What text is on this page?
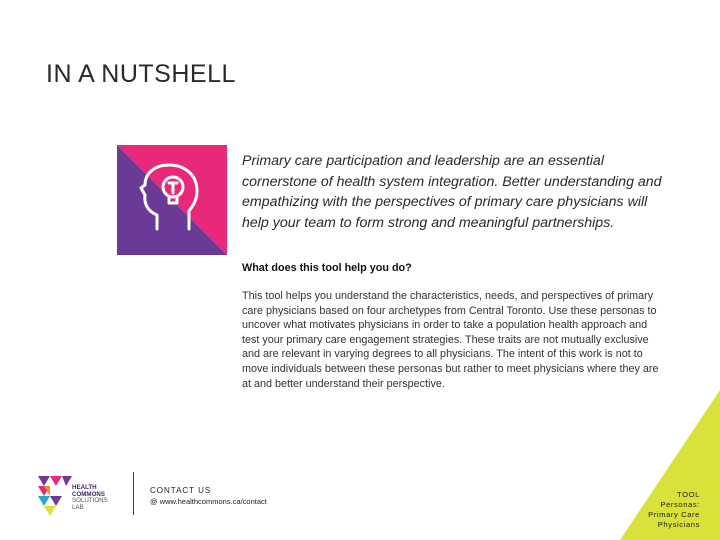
IN A NUTSHELL

Primary care participation and leadership are an essential cornerstone of health system integration. Better understanding and empathizing with the perspectives of primary care physicians will help your team to form strong and meaningful partnerships.

What does this tool help you do?

This tool helps you understand the characteristics, needs, and perspectives of primary care physicians based on four archetypes from Central Toronto. Use these personas to uncover what motivates physicians in order to take a population health approach and test your primary care engagement strategies. These traits are not mutually exclusive and are relevant in varying degrees to all physicians. The intent of this work is not to move individuals between these personas but rather to meet physicians where they are at and better understand their perspective.

HEALTH
COMMONS
SOLUTIONS
LAB
CONTACT US
@ www.healthcommons.ca/contact
TOOL
Personas:
Primary Care
Physicians
